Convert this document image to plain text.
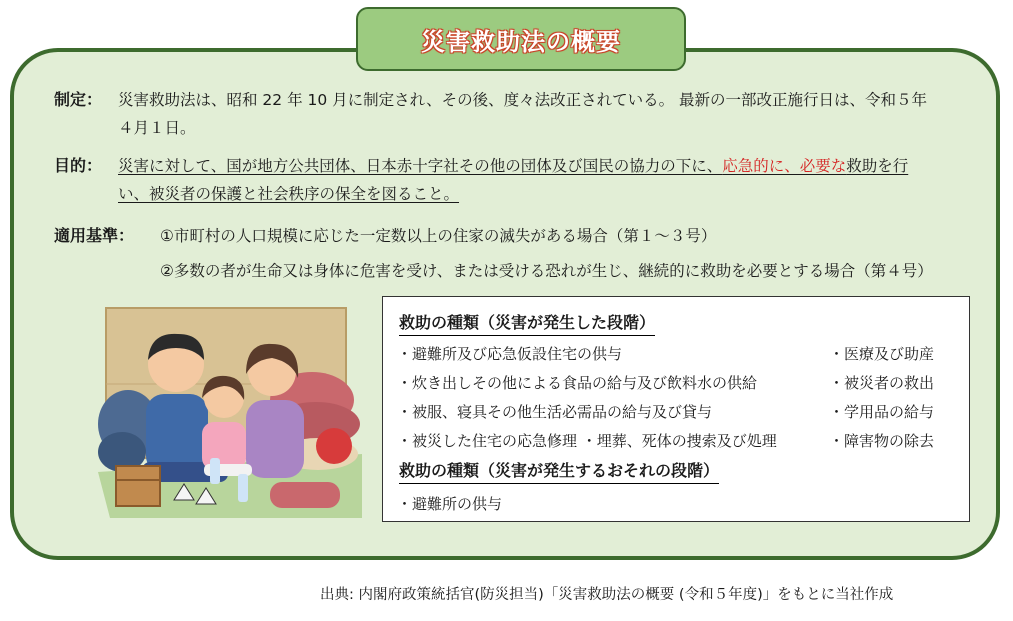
災害救助法の概要
制定： 災害救助法は、昭和 22 年 10 月に制定され、その後、度々法改正されている。 最新の一部改正施行日は、令和５年
４月１日。
目的： 災害に対して、国が地方公共団体、日本赤十字社その他の団体及び国民の協力の下に、応急的に、必要な救助を行
い、被災者の保護と社会秩序の保全を図ること。
適用基準： ①市町村の人口規模に応じた一定数以上の住家の滅失がある場合（第１～３号）
②多数の者が生命又は身体に危害を受け、または受ける恐れが生じ、継続的に救助を必要とする場合（第４号）
救助の種類（災害が発生した段階）
・避難所及び応急仮設住宅の供与
・炊き出しその他による食品の給与及び飲料水の供給
・被服、寝具その他生活必需品の給与及び貸与
・被災した住宅の応急修理 ・埋葬、死体の捜索及び処理
・医療及び助産
・被災者の救出
・学用品の給与
・障害物の除去
救助の種類（災害が発生するおそれの段階）
・避難所の供与
出典: 内閣府政策統括官(防災担当)「災害救助法の概要 (令和５年度)」をもとに当社作成
